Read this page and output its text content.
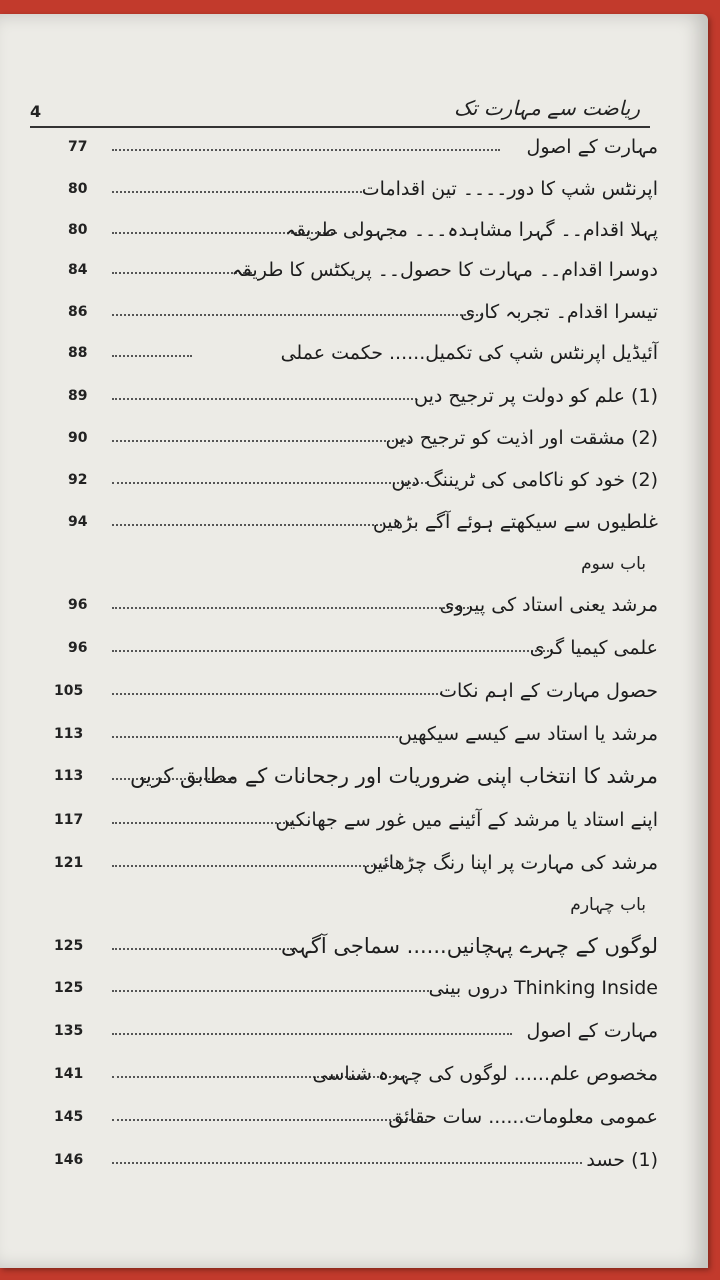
4	ریاضت سے مہارت تک
77	مہارت کے اصول
80	اپرنٹس شپ کا دور۔۔۔۔ تین اقدامات
80	پہلا اقدام۔۔ گہرا مشاہدہ۔۔۔ مجہولی طریقہ
84	دوسرا اقدام۔۔ مہارت کا حصول۔۔ پریکٹس کا طریقہ
86	تیسرا اقدام۔ تجربہ کاری
88	آئیڈیل اپرنٹس شپ کی تکمیل...... حکمت عملی
89	(1) علم کو دولت پر ترجیح دیں
90	(2) مشقت اور اذیت کو ترجیح دیں
92	(2) خود کو ناکامی کی ٹریننگ دیں
94	غلطیوں سے سیکھتے ہوئے آگے بڑھیں
باب سوم
96	مرشد یعنی استاد کی پیروی
96	علمی کیمیا گری
105	حصول مہارت کے اہم نکات
113	مرشد یا استاد سے کیسے سیکھیں
113	مرشد کا انتخاب اپنی ضروریات اور رجحانات کے مطابق کریں
117	اپنے استاد یا مرشد کے آئینے میں غور سے جھانکیں
121	مرشد کی مہارت پر اپنا رنگ چڑھائیں
باب چہارم
125	لوگوں کے چہرے پہچانیں...... سماجی آگہی
125	Thinking Inside دروں بینی
135	مہارت کے اصول
141	مخصوص علم...... لوگوں کی چہرہ شناسی
145	عمومی معلومات...... سات حقائق
146	(1) حسد
